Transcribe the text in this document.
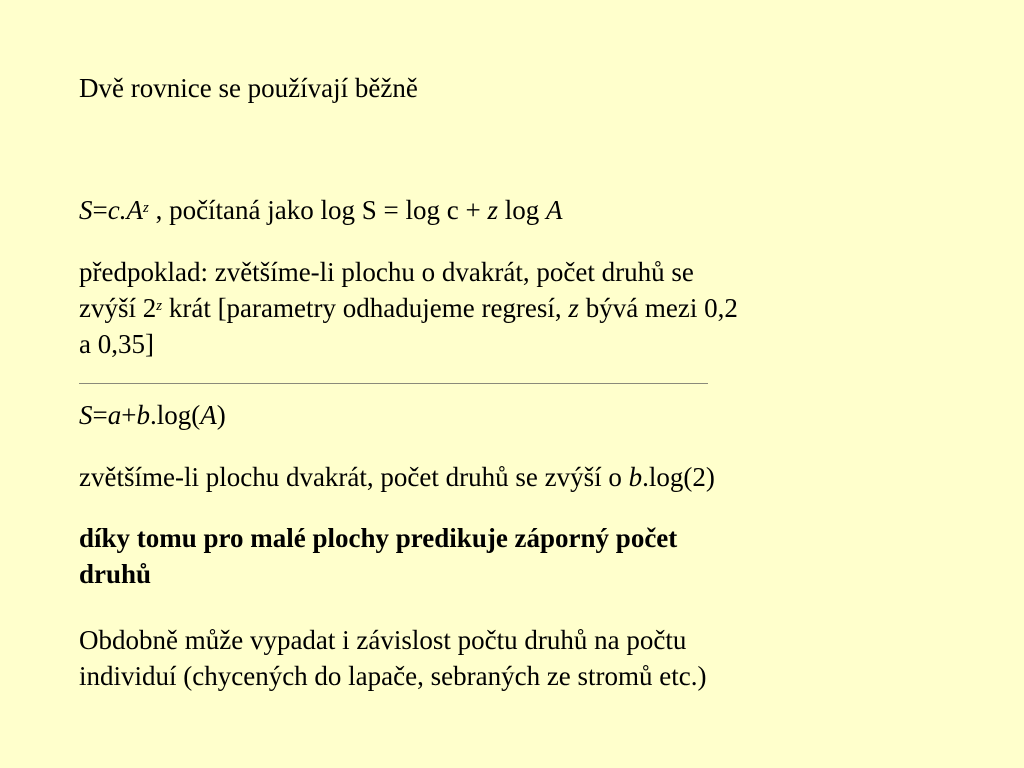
Dvě rovnice se používají běžně
$S=c.A^z$ , počítaná jako log S = log c + z log A
předpoklad: zvětšíme-li plochu o dvakrát, počet druhů se
zvýší 2$^z$ krát [parametry odhadujeme regresí, z bývá mezi 0,2
a 0,35]
S=a+b.log(A)
zvětšíme-li plochu dvakrát, počet druhů se zvýší o b.log(2)
díky tomu pro malé plochy predikuje záporný počet
druhů
Obdobně může vypadat i závislost počtu druhů na počtu
individuí (chycených do lapače, sebraných ze stromů etc.)
